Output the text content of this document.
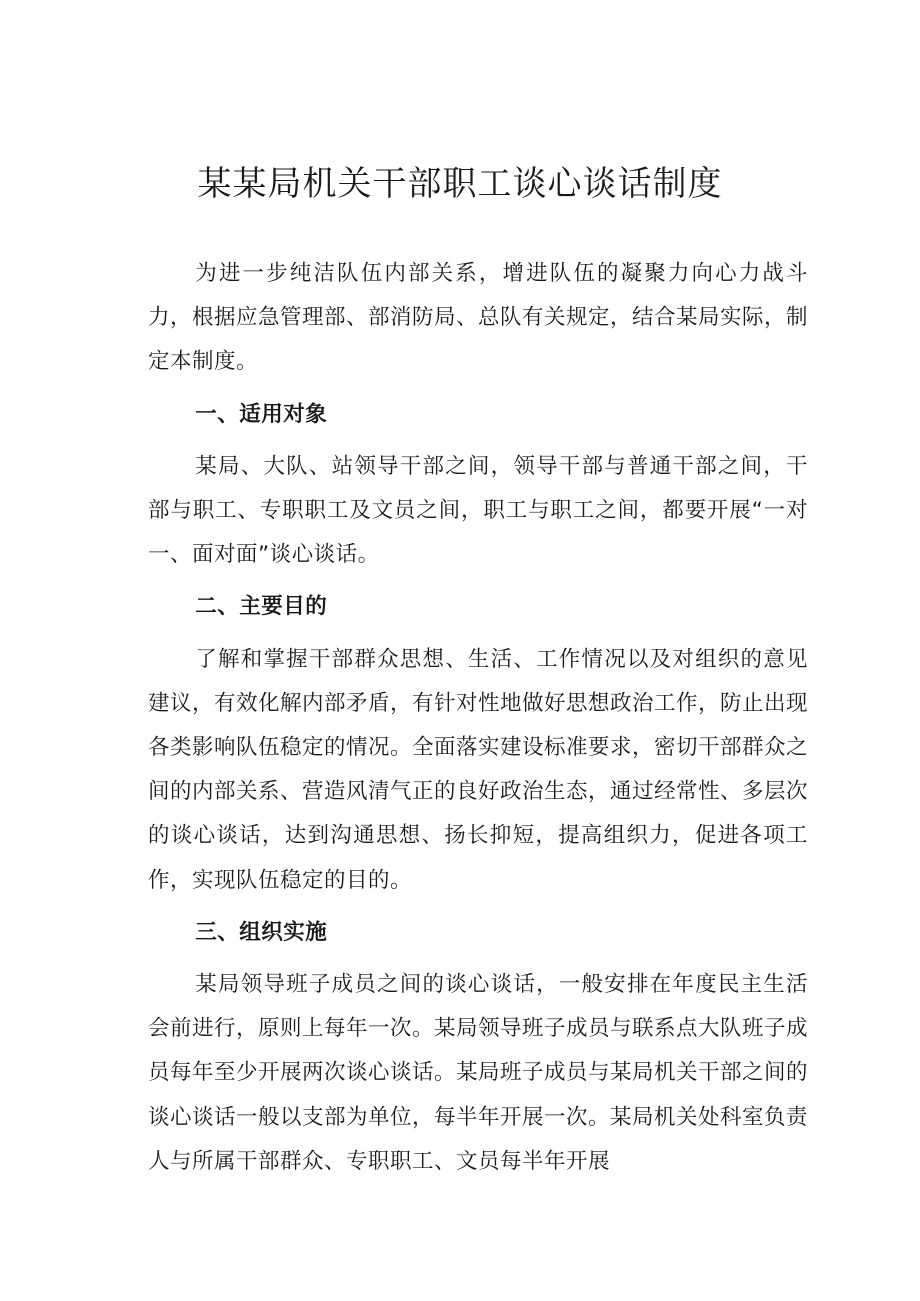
某某局机关干部职工谈心谈话制度

为进一步纯洁队伍内部关系，增进队伍的凝聚力向心力战斗力，根据应急管理部、部消防局、总队有关规定，结合某局实际，制定本制度。

一、适用对象

某局、大队、站领导干部之间，领导干部与普通干部之间，干部与职工、专职职工及文员之间，职工与职工之间，都要开展“一对一、面对面”谈心谈话。

二、主要目的

了解和掌握干部群众思想、生活、工作情况以及对组织的意见建议，有效化解内部矛盾，有针对性地做好思想政治工作，防止出现各类影响队伍稳定的情况。全面落实建设标准要求，密切干部群众之间的内部关系、营造风清气正的良好政治生态，通过经常性、多层次的谈心谈话，达到沟通思想、扬长抑短，提高组织力，促进各项工作，实现队伍稳定的目的。

三、组织实施

某局领导班子成员之间的谈心谈话，一般安排在年度民主生活会前进行，原则上每年一次。某局领导班子成员与联系点大队班子成员每年至少开展两次谈心谈话。某局班子成员与某局机关干部之间的谈心谈话一般以支部为单位，每半年开展一次。某局机关处科室负责人与所属干部群众、专职职工、文员每半年开展
